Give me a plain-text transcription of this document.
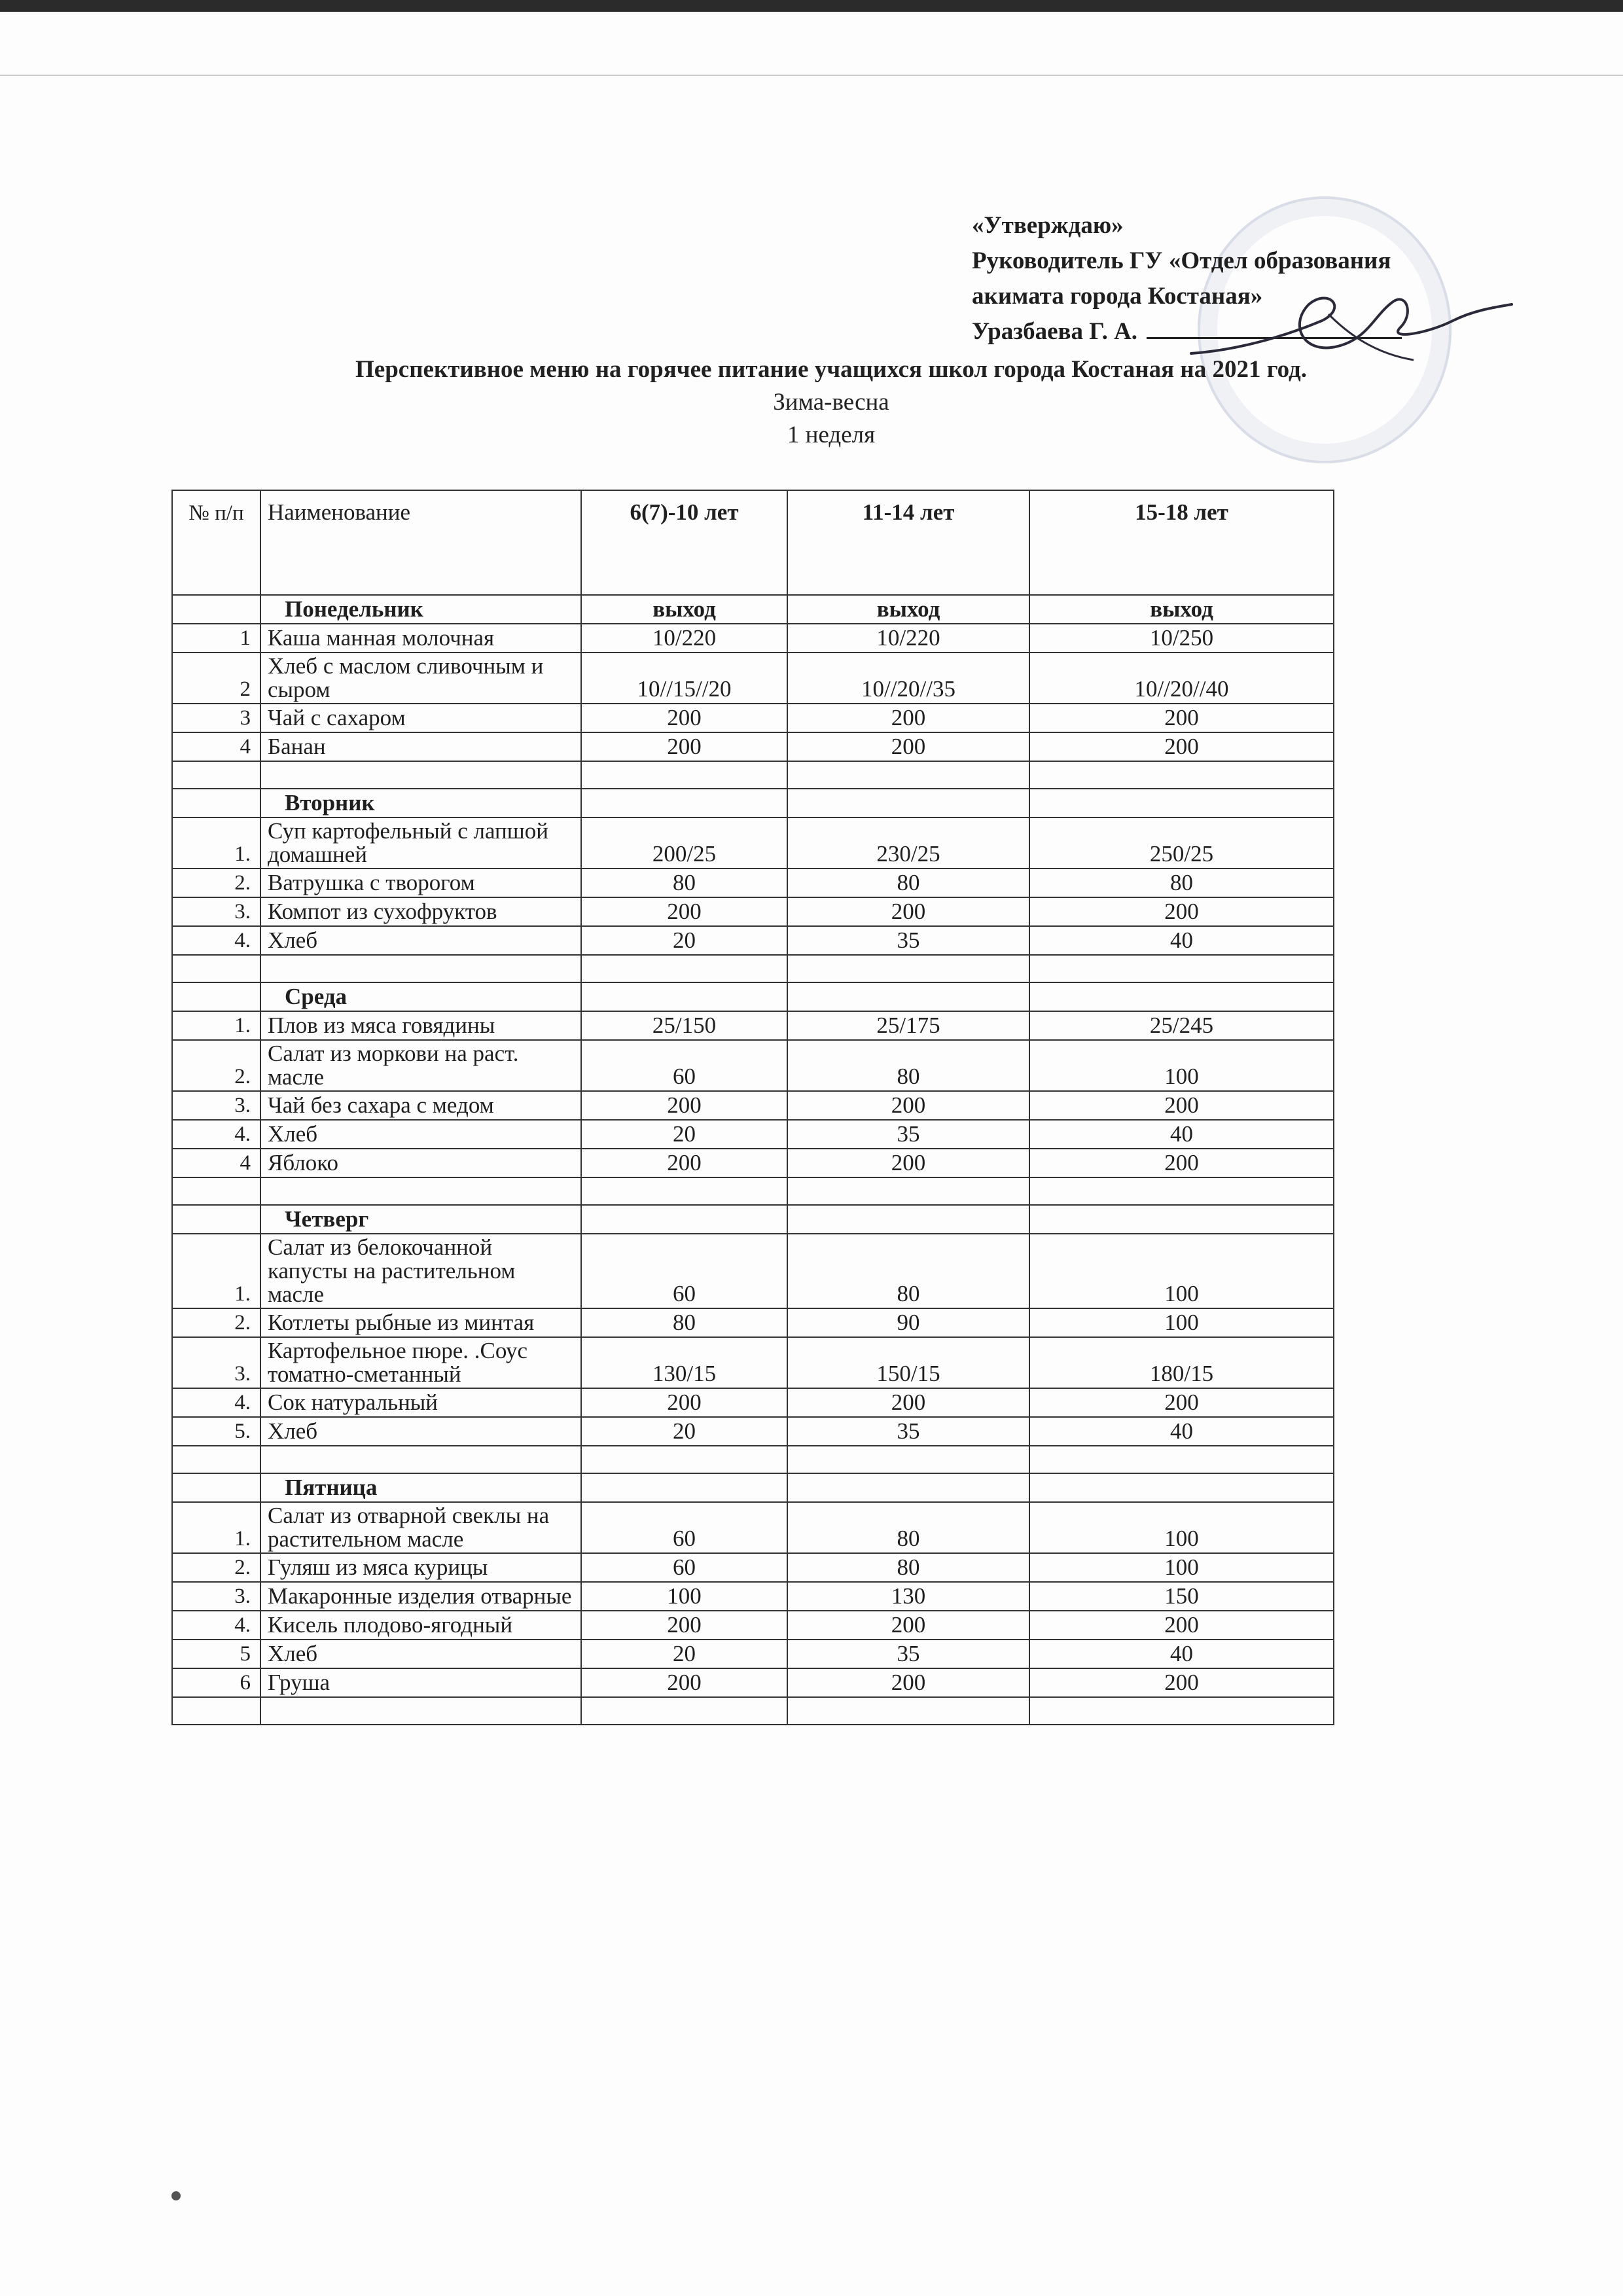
«Утверждаю»
Руководитель ГУ «Отдел образования
акимата города Костаная»
Уразбаева Г. А.
Перспективное меню на горячее питание учащихся школ города Костаная на 2021 год.
Зима-весна
1 неделя
№ п/п	Наименование	6(7)-10 лет	11-14 лет	15-18 лет
	Понедельник	выход	выход	выход
1	Каша манная молочная	10/220	10/220	10/250
2	Хлеб с маслом сливочным и сыром	10//15//20	10//20//35	10//20//40
3	Чай с сахаром	200	200	200
4	Банан	200	200	200

	Вторник			
1.	Суп картофельный с лапшой домашней	200/25	230/25	250/25
2.	Ватрушка с творогом	80	80	80
3.	Компот из сухофруктов	200	200	200
4.	Хлеб	20	35	40

	Среда			
1.	Плов из мяса говядины	25/150	25/175	25/245
2.	Салат из моркови на раст. масле	60	80	100
3.	Чай без сахара с медом	200	200	200
4.	Хлеб	20	35	40
4	Яблоко	200	200	200

	Четверг			
1.	Салат из белокочанной капусты на растительном масле	60	80	100
2.	Котлеты рыбные из минтая	80	90	100
3.	Картофельное пюре. .Соус томатно-сметанный	130/15	150/15	180/15
4.	Сок натуральный	200	200	200
5.	Хлеб	20	35	40

	Пятница			
1.	Салат из отварной свеклы на растительном масле	60	80	100
2.	Гуляш из мяса курицы	60	80	100
3.	Макаронные изделия отварные	100	130	150
4.	Кисель плодово-ягодный	200	200	200
5	Хлеб	20	35	40
6	Груша	200	200	200
